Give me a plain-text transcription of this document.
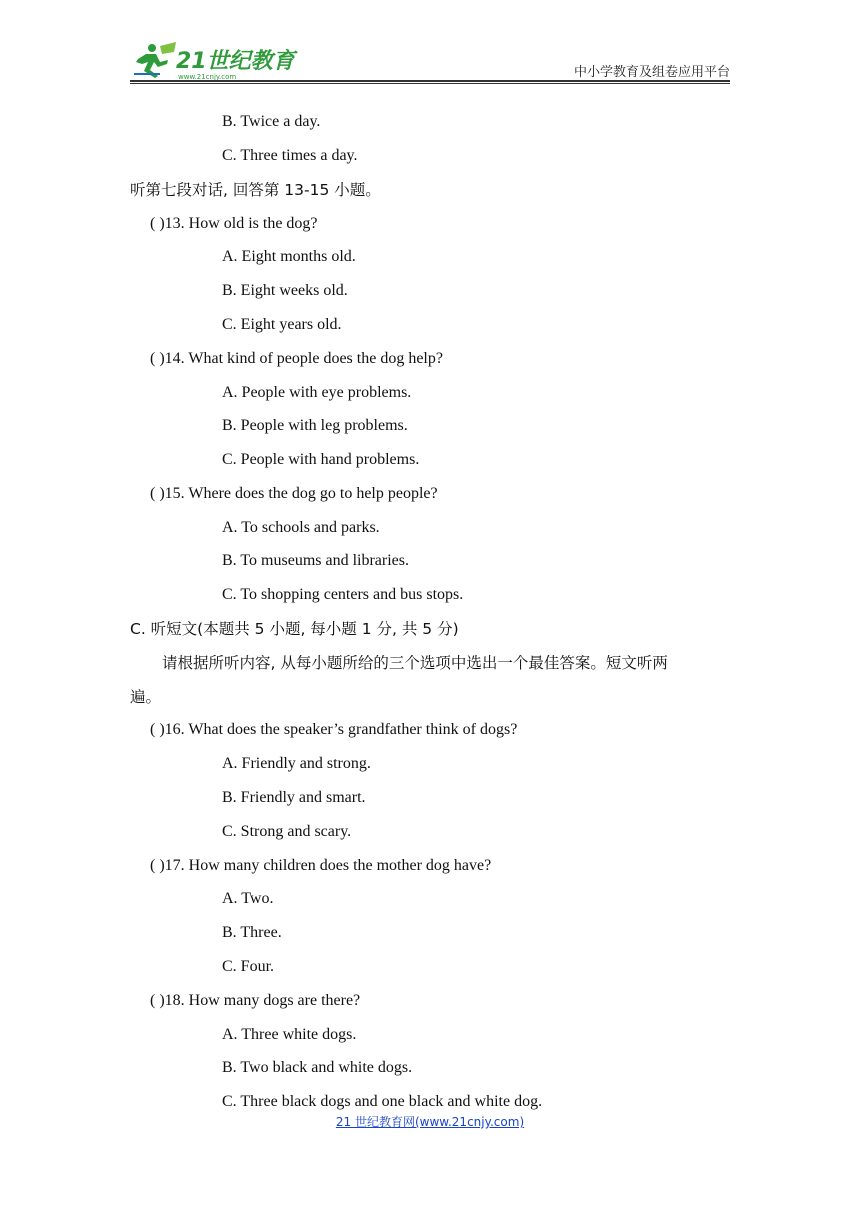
21世纪教育
www.21cnjy.com	中小学教育及组卷应用平台
B. Twice a day.
C. Three times a day.
听第七段对话, 回答第 13-15 小题。
( )13. How old is the dog?
A. Eight months old.
B. Eight weeks old.
C. Eight years old.
( )14. What kind of people does the dog help?
A. People with eye problems.
B. People with leg problems.
C. People with hand problems.
( )15. Where does the dog go to help people?
A. To schools and parks.
B. To museums and libraries.
C. To shopping centers and bus stops.
C. 听短文(本题共 5 小题, 每小题 1 分, 共 5 分)
请根据所听内容, 从每小题所给的三个选项中选出一个最佳答案。短文听两
遍。
( )16. What does the speaker’s grandfather think of dogs?
A. Friendly and strong.
B. Friendly and smart.
C. Strong and scary.
( )17. How many children does the mother dog have?
A. Two.
B. Three.
C. Four.
( )18. How many dogs are there?
A. Three white dogs.
B. Two black and white dogs.
C. Three black dogs and one black and white dog.
21 世纪教育网(www.21cnjy.com)
